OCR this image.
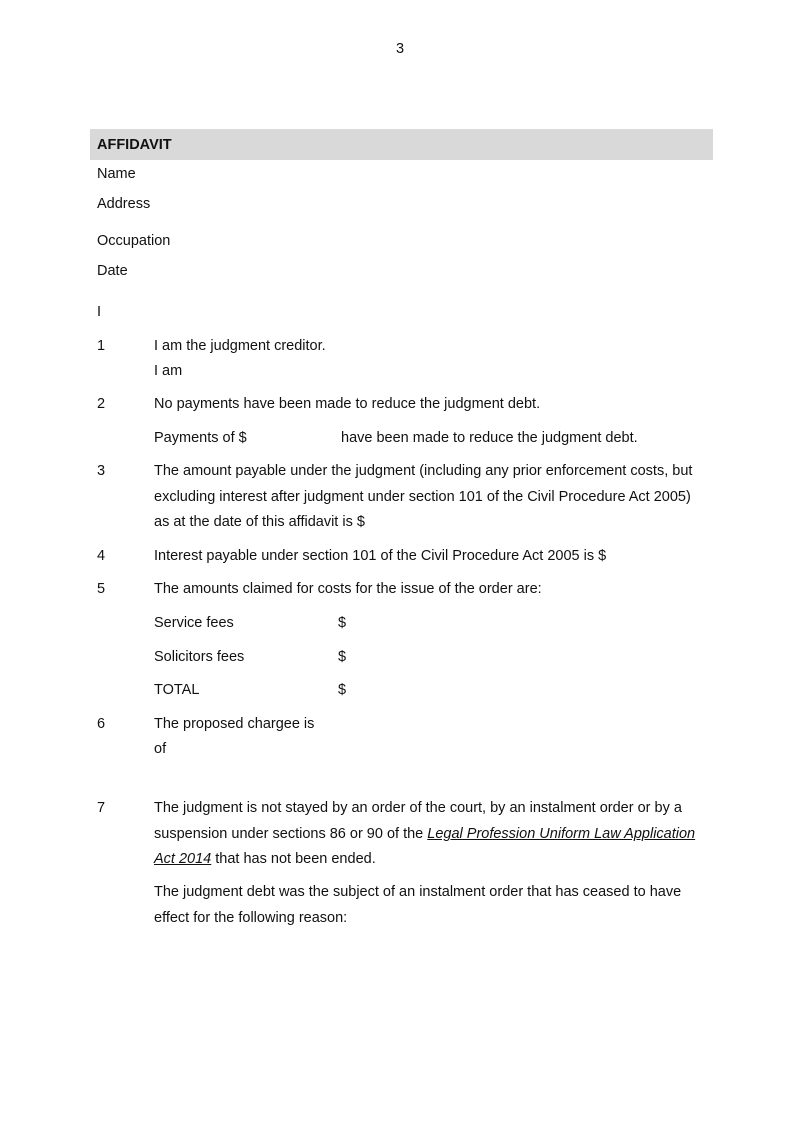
3
AFFIDAVIT
Name
Address
Occupation
Date
I
1	I am the judgment creditor.
I am
2	No payments have been made to reduce the judgment debt.
Payments of $	have been made to reduce the judgment debt.
3	The amount payable under the judgment (including any prior enforcement costs, but
excluding interest after judgment under section 101 of the Civil Procedure Act 2005)
as at the date of this affidavit is $
4	Interest payable under section 101 of the Civil Procedure Act 2005 is $
5	The amounts claimed for costs for the issue of the order are:
Service fees	$
Solicitors fees	$
TOTAL	$
6	The proposed chargee is
of
7	The judgment is not stayed by an order of the court, by an instalment order or by a
suspension under sections 86 or 90 of the Legal Profession Uniform Law Application
Act 2014 that has not been ended.
The judgment debt was the subject of an instalment order that has ceased to have
effect for the following reason:
